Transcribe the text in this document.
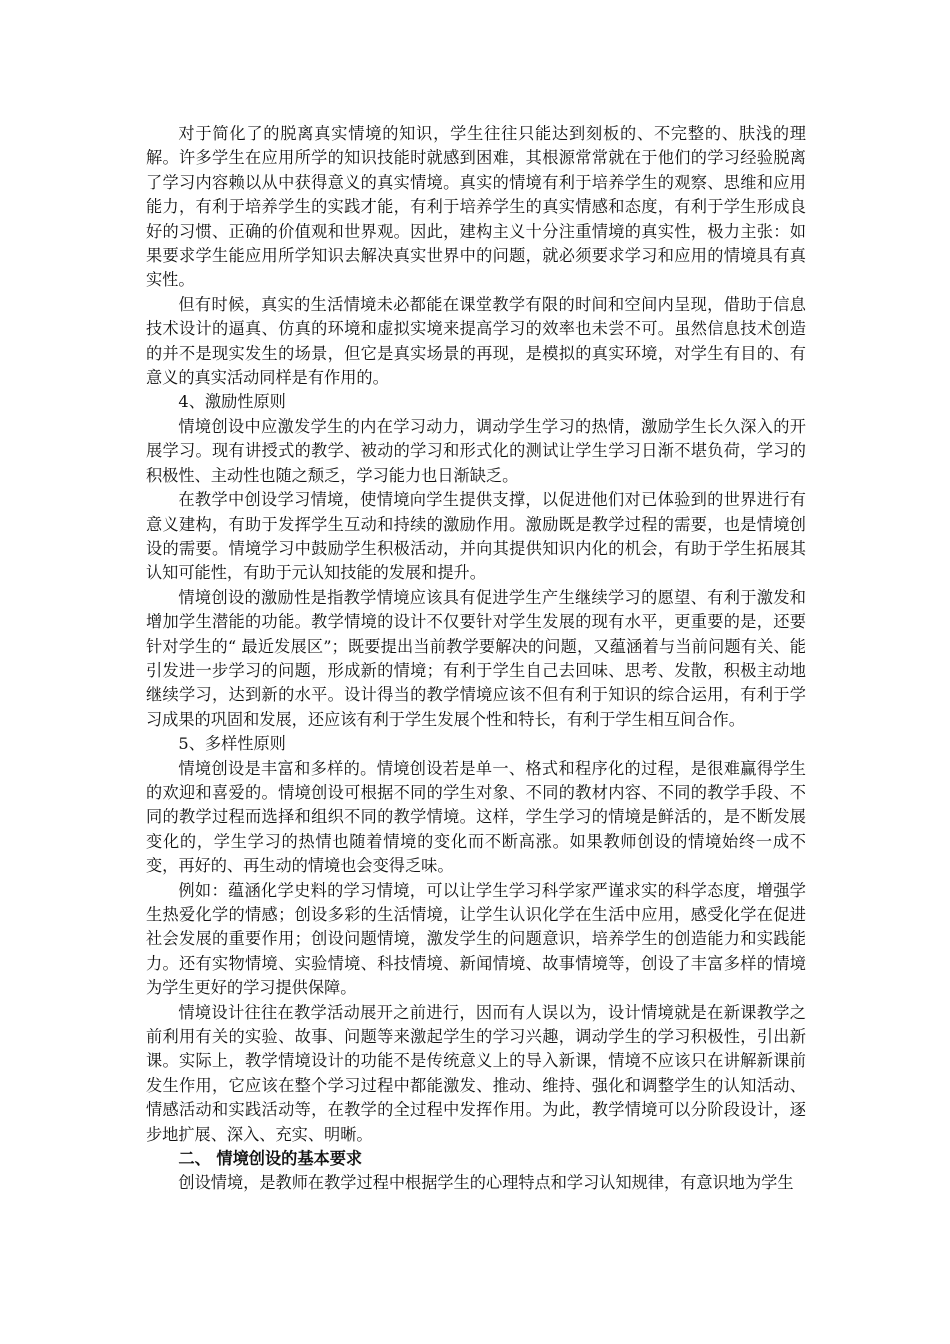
对于简化了的脱离真实情境的知识，学生往往只能达到刻板的、不完整的、肤浅的理解。许多学生在应用所学的知识技能时就感到困难，其根源常常就在于他们的学习经验脱离了学习内容赖以从中获得意义的真实情境。真实的情境有利于培养学生的观察、思维和应用能力，有利于培养学生的实践才能，有利于培养学生的真实情感和态度，有利于学生形成良好的习惯、正确的价值观和世界观。因此，建构主义十分注重情境的真实性，极力主张：如果要求学生能应用所学知识去解决真实世界中的问题，就必须要求学习和应用的情境具有真实性。

但有时候，真实的生活情境未必都能在课堂教学有限的时间和空间内呈现，借助于信息技术设计的逼真、仿真的环境和虚拟实境来提高学习的效率也未尝不可。虽然信息技术创造的并不是现实发生的场景，但它是真实场景的再现，是模拟的真实环境，对学生有目的、有意义的真实活动同样是有作用的。

4、激励性原则

情境创设中应激发学生的内在学习动力，调动学生学习的热情，激励学生长久深入的开展学习。现有讲授式的教学、被动的学习和形式化的测试让学生学习日渐不堪负荷，学习的积极性、主动性也随之颓乏，学习能力也日渐缺乏。

在教学中创设学习情境，使情境向学生提供支撑，以促进他们对已体验到的世界进行有意义建构，有助于发挥学生互动和持续的激励作用。激励既是教学过程的需要，也是情境创设的需要。情境学习中鼓励学生积极活动，并向其提供知识内化的机会，有助于学生拓展其认知可能性，有助于元认知技能的发展和提升。

情境创设的激励性是指教学情境应该具有促进学生产生继续学习的愿望、有利于激发和增加学生潜能的功能。教学情境的设计不仅要针对学生发展的现有水平，更重要的是，还要针对学生的“ 最近发展区”；既要提出当前教学要解决的问题，又蕴涵着与当前问题有关、能引发进一步学习的问题，形成新的情境；有利于学生自己去回味、思考、发散，积极主动地继续学习，达到新的水平。设计得当的教学情境应该不但有利于知识的综合运用，有利于学习成果的巩固和发展，还应该有利于学生发展个性和特长，有利于学生相互间合作。

5、多样性原则

情境创设是丰富和多样的。情境创设若是单一、格式和程序化的过程，是很难赢得学生的欢迎和喜爱的。情境创设可根据不同的学生对象、不同的教材内容、不同的教学手段、不同的教学过程而选择和组织不同的教学情境。这样，学生学习的情境是鲜活的，是不断发展变化的，学生学习的热情也随着情境的变化而不断高涨。如果教师创设的情境始终一成不变，再好的、再生动的情境也会变得乏味。

例如：蕴涵化学史料的学习情境，可以让学生学习科学家严谨求实的科学态度，增强学生热爱化学的情感；创设多彩的生活情境，让学生认识化学在生活中应用，感受化学在促进社会发展的重要作用；创设问题情境，激发学生的问题意识，培养学生的创造能力和实践能力。还有实物情境、实验情境、科技情境、新闻情境、故事情境等，创设了丰富多样的情境为学生更好的学习提供保障。

情境设计往往在教学活动展开之前进行，因而有人误以为，设计情境就是在新课教学之前利用有关的实验、故事、问题等来激起学生的学习兴趣，调动学生的学习积极性，引出新课。实际上，教学情境设计的功能不是传统意义上的导入新课，情境不应该只在讲解新课前发生作用，它应该在整个学习过程中都能激发、推动、维持、强化和调整学生的认知活动、情感活动和实践活动等，在教学的全过程中发挥作用。为此，教学情境可以分阶段设计，逐步地扩展、深入、充实、明晰。

二、 情境创设的基本要求

创设情境，是教师在教学过程中根据学生的心理特点和学习认知规律，有意识地为学生
